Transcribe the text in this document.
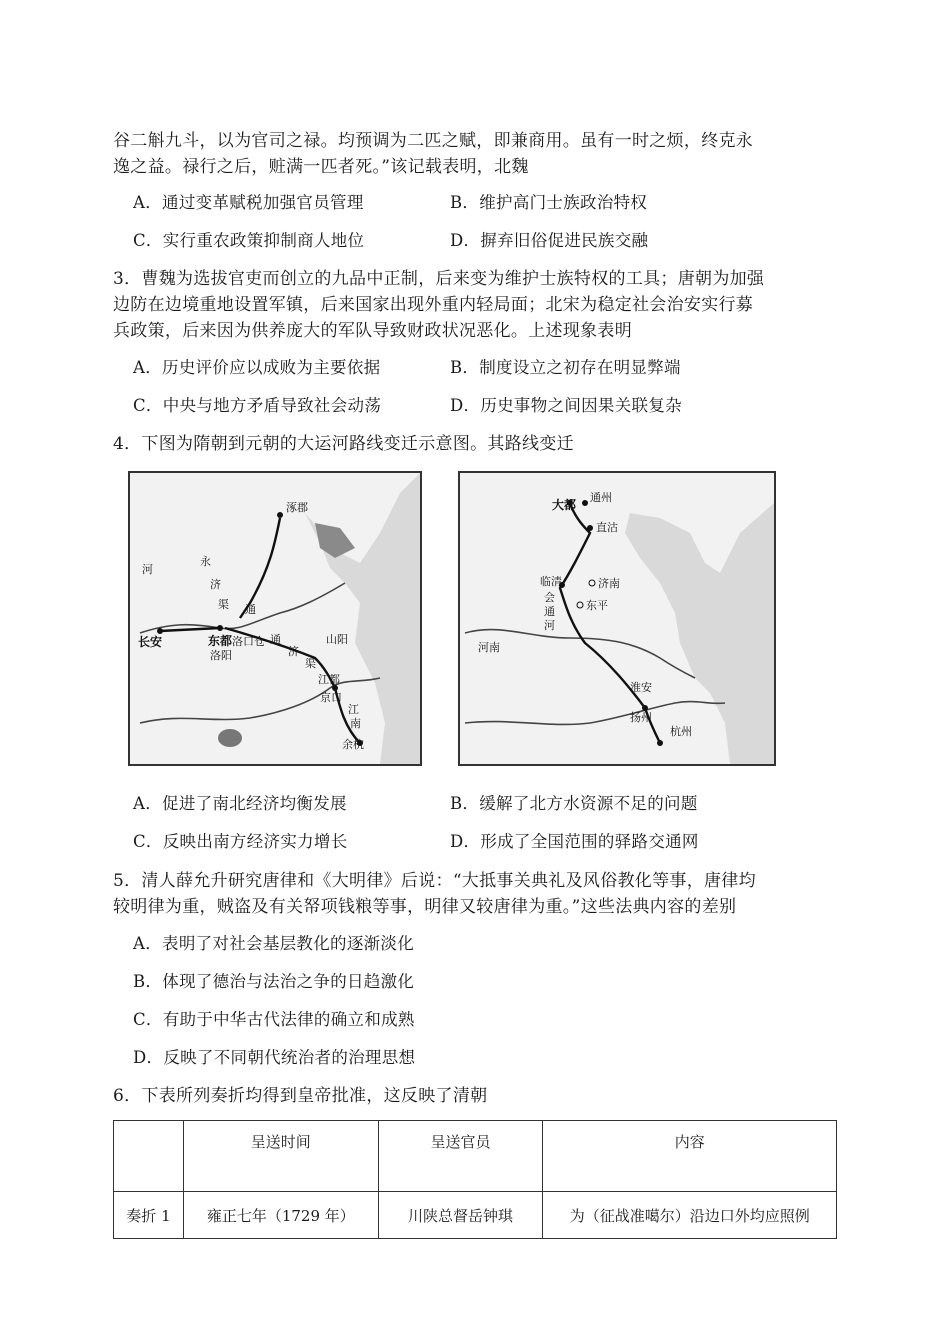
谷二斛九斗，以为官司之禄。均预调为二匹之赋，即兼商用。虽有一时之烦，终克永
逸之益。禄行之后，赃满一匹者死。”该记载表明，北魏
A．通过变革赋税加强官员管理	B．维护高门士族政治特权
C．实行重农政策抑制商人地位	D．摒弃旧俗促进民族交融
3．曹魏为选拔官吏而创立的九品中正制，后来变为维护士族特权的工具；唐朝为加强
边防在边境重地设置军镇，后来国家出现外重内轻局面；北宋为稳定社会治安实行募
兵政策，后来因为供养庞大的军队导致财政状况恶化。上述现象表明
A．历史评价应以成败为主要依据	B．制度设立之初存在明显弊端
C．中央与地方矛盾导致社会动荡	D．历史事物之间因果关联复杂
4．下图为隋朝到元朝的大运河路线变迁示意图。其路线变迁
涿郡
长安	东都
洛阳
通
洛口仓	山阳
江都
京口
余杭
永
济
渠
通
济
渠
江
南
河
大都
通州
直沽
临清	济南
东平
河南
淮安
扬州
杭州
会
通
河
A．促进了南北经济均衡发展	B．缓解了北方水资源不足的问题
C．反映出南方经济实力增长	D．形成了全国范围的驿路交通网
5．清人薛允升研究唐律和《大明律》后说：“大抵事关典礼及风俗教化等事，唐律均
较明律为重，贼盗及有关帑项钱粮等事，明律又较唐律为重。”这些法典内容的差别
A．表明了对社会基层教化的逐渐淡化
B．体现了德治与法治之争的日趋激化
C．有助于中华古代法律的确立和成熟
D．反映了不同朝代统治者的治理思想
6．下表所列奏折均得到皇帝批准，这反映了清朝
	呈送时间	呈送官员	内容
奏折 1	雍正七年（1729 年）	川陕总督岳钟琪	为（征战准噶尔）沿边口外均应照例
